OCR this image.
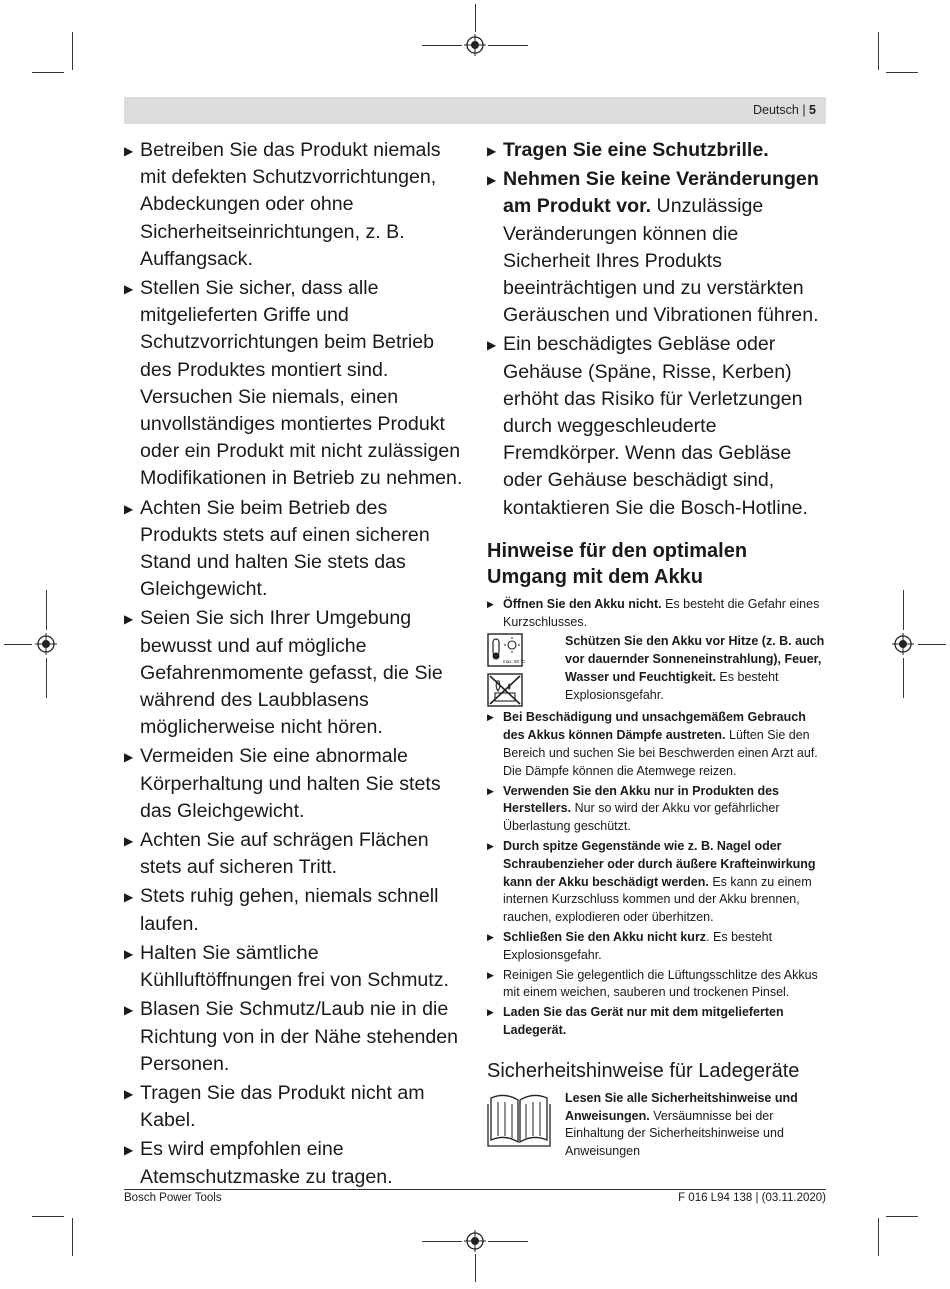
Deutsch | 5
▶ Betreiben Sie das Produkt niemals mit defekten Schutzvorrichtungen, Abdeckungen oder ohne Sicherheitseinrichtungen, z. B. Auffangsack.
▶ Stellen Sie sicher, dass alle mitgelieferten Griffe und Schutzvorrichtungen beim Betrieb des Produktes montiert sind. Versuchen Sie niemals, einen unvollständiges montiertes Produkt oder ein Produkt mit nicht zulässigen Modifikationen in Betrieb zu nehmen.
▶ Achten Sie beim Betrieb des Produkts stets auf einen sicheren Stand und halten Sie stets das Gleichgewicht.
▶ Seien Sie sich Ihrer Umgebung bewusst und auf mögliche Gefahrenmomente gefasst, die Sie während des Laubblasens möglicherweise nicht hören.
▶ Vermeiden Sie eine abnormale Körperhaltung und halten Sie stets das Gleichgewicht.
▶ Achten Sie auf schrägen Flächen stets auf sicheren Tritt.
▶ Stets ruhig gehen, niemals schnell laufen.
▶ Halten Sie sämtliche Kühlluftöffnungen frei von Schmutz.
▶ Blasen Sie Schmutz/Laub nie in die Richtung von in der Nähe stehenden Personen.
▶ Tragen Sie das Produkt nicht am Kabel.
▶ Es wird empfohlen eine Atemschutzmaske zu tragen.
▶ Tragen Sie eine Schutzbrille.
▶ Nehmen Sie keine Veränderungen am Produkt vor. Unzulässige Veränderungen können die Sicherheit Ihres Produkts beeinträchtigen und zu verstärkten Geräuschen und Vibrationen führen.
▶ Ein beschädigtes Gebläse oder Gehäuse (Späne, Risse, Kerben) erhöht das Risiko für Verletzungen durch weggeschleuderte Fremdkörper. Wenn das Gebläse oder Gehäuse beschädigt sind, kontaktieren Sie die Bosch-Hotline.
Hinweise für den optimalen Umgang mit dem Akku
▶ Öffnen Sie den Akku nicht. Es besteht die Gefahr eines Kurzschlusses.
max. 50 °C
Schützen Sie den Akku vor Hitze (z. B. auch vor dauernder Sonneneinstrahlung), Feuer, Wasser und Feuchtigkeit. Es besteht Explosionsgefahr.
▶ Bei Beschädigung und unsachgemäßem Gebrauch des Akkus können Dämpfe austreten. Lüften Sie den Bereich und suchen Sie bei Beschwerden einen Arzt auf. Die Dämpfe können die Atemwege reizen.
▶ Verwenden Sie den Akku nur in Produkten des Herstellers. Nur so wird der Akku vor gefährlicher Überlastung geschützt.
▶ Durch spitze Gegenstände wie z. B. Nagel oder Schraubenzieher oder durch äußere Krafteinwirkung kann der Akku beschädigt werden. Es kann zu einem internen Kurzschluss kommen und der Akku brennen, rauchen, explodieren oder überhitzen.
▶ Schließen Sie den Akku nicht kurz. Es besteht Explosionsgefahr.
▶ Reinigen Sie gelegentlich die Lüftungsschlitze des Akkus mit einem weichen, sauberen und trockenen Pinsel.
▶ Laden Sie das Gerät nur mit dem mitgelieferten Ladegerät.
Sicherheitshinweise für Ladegeräte
Lesen Sie alle Sicherheitshinweise und Anweisungen. Versäumnisse bei der Einhaltung der Sicherheitshinweise und Anweisungen
Bosch Power Tools	F 016 L94 138 | (03.11.2020)
